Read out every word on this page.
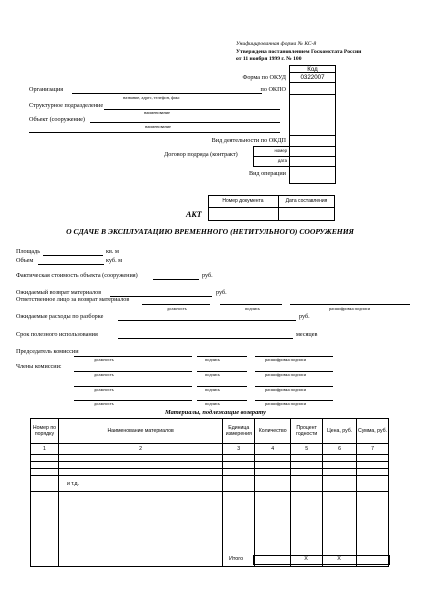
Унифицированная форма № КС-8
Утверждена постановлением Госкомстата России
от 11 ноября 1999 г. № 100
Код
0322007
Форма по ОКУД
по ОКПО
Вид деятельности по ОКДП
Договор подряда (контракт)
номер
дата
Вид операции
Организация
название, адрес, телефон, факс
Структурное подразделение
наименование
Объект (сооружение)
наименование
Номер документа	Дата составления
АКТ
О СДАЧЕ В ЭКСПЛУАТАЦИЮ ВРЕМЕННОГО (НЕТИТУЛЬНОГО) СООРУЖЕНИЯ
Площадь	кв. м
Объем	куб. м
Фактическая стоимость объекта (сооружения)	руб.
Ожидаемый возврат материалов	руб.
Ответственное лицо за возврат материалов
должность	подпись	расшифровка подписи
Ожидаемые расходы по разборке	руб.
Срок полезного использования	месяцев
Председатель комиссии
Члены комиссии:
должность	подпись	расшифровка подписи
должность	подпись	расшифровка подписи
должность	подпись	расшифровка подписи
должность	подпись	расшифровка подписи
Материалы, подлежащие возврату
Номер по порядку	Наименование материалов	Единица измерения	Количество	Процент годности	Цена, руб.	Сумма, руб.
1	2	3	4	5	6	7

	и т.д.					

Итого	X	X
